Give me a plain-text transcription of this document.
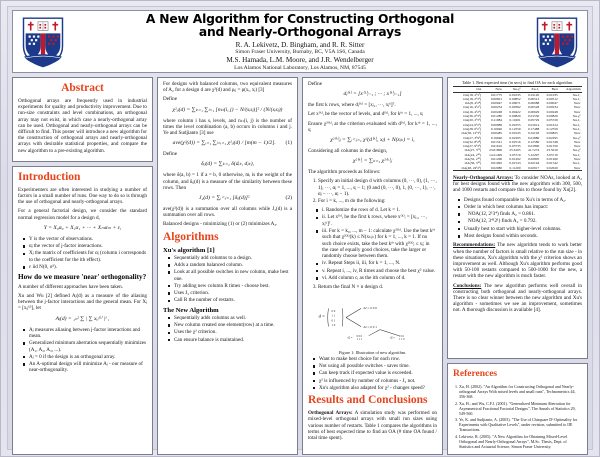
A New Algorithm for Constructing Orthogonal
and Nearly-Orthogonal Arrays
R. A. Lekivetz, D. Bingham, and R. R. Sitter
Simon Fraser University, Burnaby, BC, V5A 1S6, Canada
M.S. Hamada, L.M. Moore, and J.R. Wendelberger
Los Alamos National Laboratory, Los Alamos, NM, 87545
Abstract

Orthogonal arrays are frequently used in industrial experiments for quality and productivity improvement. Due to run-size constraints and level combinations, an orthogonal array may not exist, in which case a nearly-orthogonal array can be used. Orthogonal and nearly-orthogonal arrays can be difficult to find. This poster will introduce a new algorithm for the construction of orthogonal arrays and nearly-orthogonal arrays with desirable statistical properties, and compare the new algorithm to a pre-existing algorithm.

Introduction

Experimenters are often interested in studying a number of factors in a small number of runs. One way to do so is through the use of orthogonal and nearly-orthogonal arrays.

For a general factorial design, we consider the standard normal regression model for a design d,

Y = X₀α₀ + X₁α₁ + ··· + Xₘαₘ + ε,
Y is the vector of observations.
αⱼ the vector of j-factor interactions.
Xⱼ the matrix of coefficients for αⱼ (column i corresponds to the coefficient for the ith effect).
ε iid N(0, σ²).
How do we measure 'near' orthogonality?

A number of different approaches have been taken.

Xu and Wu [2] defined Aⱼ(d) as a measure of the aliasing between the j-factor interactions and the general mean. For Xⱼ = [xᵢⱼ⁽ʲ⁾], let

Aⱼ(d) = ₁ₙ² ∑ | ∑ xᵢⱼ⁽ʲ⁾ |² ,
Aⱼ measures aliasing between j-factor interactions and mean.
Generalized minimum aberration sequentially minimizes (A₁, A₂, A₃, ...).
Aⱼ = 0 if the design is an orthogonal array.
An A-optimal design will minimize Aⱼ - our measure of near-orthogonality.

For designs with balanced columns, two equivalent measures of A₂ for a design d are χ²(d) and ρᵢⱼ = ρ(xᵢ, xⱼ) [3]

Define

χ²ᵢⱼ(d) = ∑ₖ₌₁ ∑ₗ₌₁ [nₖₗ(i, j) − N/(sᵢsⱼ)]² / (N/(sᵢsⱼ))

where column i has sᵢ levels, and nₖₗ(i, j) is the number of times the level combination (a, b) occurs in columns i and j. Ye and Sudjianto [3] use

(1)
ave(χ²(d)) = ∑ᵢ₌₁ ∑ⱼ₌ᵢ₊₁ χ²ᵢⱼ(d) / [m(m − 1)/2].

Define

δᵢⱼ(d) = ∑ₖ₌₁ δ(dᵢₖ, dⱼₖ),

where δ(a, b) = 1 if a = b, 0 otherwise, mᵢ is the weight of the column, and δᵢⱼ(d) is a measure of the similarity between these rows. Then

(2)
J₂(d) = ∑ᵢ<ⱼ₌₁ [δᵢⱼ(d)]²

ave(χ²(d)) is a summation over all columns while J₂(d) is a summation over all rows.

Balanced designs - minimizing (1) or (2) minimizes A₂.

Algorithms
Xu's algorithm [1]
Sequentially add columns to a design.
Adds a random balanced column.
Look at all possible switches in new column, make best one.
Try adding new column R times - choose best.
Uses J₂ criterion.
Call R the number of restarts.
The New Algorithm
Sequentially adds columns as well.
New column created one element(row) at a time.
Uses the χ² criterion.
Can ensure balance is maintained.

Define

dⱼ⁽ᵏ⁾ = [x⁽¹⁾ⱼ₋₁ ; ··· ; x⁽ᵏ⁾ⱼ₋₁]

the first k rows, where dⱼ⁽ᵏ⁾ = [xⱼ₁, ···, xⱼᵏ]ᵀ.

Let x⁽ᵏ⁾ᵢ be the vector of levels, and d⁽ᵏ⁾ᵢ for kᵗʰ = 1, ..., sⱼ

Ensure χ²⁽ᵏ⁾ᵢ at the criterion evaluated with d⁽ᵏ⁾ᵢ for kᵗʰ = 1, ..., sⱼ

χ²⁽ᵏ⁾ᵢⱼ = ∑ᵢ<ⱼ₌₁ χ²(d⁽ᵏ⁾ᵢ, xⱼ) + N(xⱼₖ) = i,

Considering all columns in the design,

χ²⁽ᵏ⁾ᵢ = ∑ₖ₌₁ χ²⁽ᵏ⁾ᵢⱼ

The algorithm proceeds as follows:

1. Specify an initial design d with columns (0, ···, 0), (1, ···, 1), ···, αⱼ = 1, ..., sⱼ − 1; (0 and (0, ···, 0), 1, (0, ···, 1), ···, αⱼ − ···, αⱼ − 1).
2. For i = k, ..., m do the following:
i. Randomize the rows of d. Let k = 1.
ii. Let x⁽ᵏ⁾ᵢ be the first k rows, where x⁽ᵏ⁾ᵢ = [xⱼ₁, ···, xⱼᵏ]ᵀ.
iii. For k = k₀, ..., m − 1: calculate χ²⁽ᵏ⁾. Use the best kᵗʰ such that χ²⁽ᵏ⁾(k) ≤ N(xₖⱼₖ) for k = 1, ..., k = 1. If no such choice exists, take the best kᵗʰ with χ²⁽ᵏ⁾ⱼ ≤ sⱼ; in the case of equally good choices, take the larger or randomly choose between them.
iv. Repeat Steps ii, iii, for k = 1, ..., N.
v. Repeat i, ..., iv, R times and choose the best χ² value.
vi. Add column cᵢ as the ith column of d.
3. Return the final N × n design d.
d =
0 0
1 1
0 1
1 0
d2 = 0 0 0
d2 = 0 0 1
d2 =
0 0 0
1 1 1
d2 =
0 0 1
1 1 0
Figure 1: Illustration of new algorithm.
Want to make best choice for each row.
Not using all possible switches - saves time.
Can keep track if expected value is exceeded.
χ² is influenced by number of columns - J₂ not.
Xu's algorithm also adapted for χ² - changes speed?
Results and Conclusions

Orthogonal Arrays: A simulation study was performed on mixed-level orthogonal arrays with small run sizes using various number of restarts. Table 1 compares the algorithms in terms of best expected time to find an OA (# time OA found / total time spent).

Table 1. Best expected time (in secs) to find OA for each algorithm.
OA	New	Xu-χ²	Xu-J₂	Best	Algorithm
OA(18, 2¹3⁷)	0.01775	0.01035	0.01120	0.01035	Xu-J₂
OA(18, 2¹3⁶)	0.00821	0.00852	0.00512	0.00512	Xu-J₂
OA(8, 4¹2⁴)	0.00047	0.00071	0.00088	0.00047	New
OA(16, 4¹2⁷)	0.00234	0.00392	0.00528	0.00234	New
OA(16, 4¹2⁶)	0.00248	0.00422	0.00629	0.00248	New
OA(36, 6¹3⁶)	0.01280	0.00820	0.01530	0.00820	Xu-χ²
OA(20, 2¹5¹)	0.11984	0.11601	0.05729	0.05729	Xu-J₂
OA(24, 6¹2⁶)	0.00989	0.01055	0.01614	0.01614	Xu-J₂
OA(28, 6¹2⁷)	0.10040	0.12559	0.17488	0.12559	Xu-J₂
OA(36, 12¹3¹)	0.00485	0.01045	0.01192	0.00825	New
OA(27, 3¹9¹)	0.19040	0.02295	0.01880	0.02295	Xu-χ²
OA(32, 8¹2⁸)	0.01541	0.02516	0.12580	0.01548	New
OA(27, 9¹3⁹)	0.61610	0.03735	0.01890	0.01550	New
OA(27, 3⁹⁹)	23.01896	25.6195	41.7274	23.5019	Xu-χ²
OA(24, 2¹⁰)	14.21499	3.05719	5.12297	3.05719	Xu-J₂
OA(32, 2¹⁰)	0.01260	0.01292	0.02805	0.01260	New
OA(36, 3¹⁰)	0.01092	0.01543	0.02194	0.01542	Xu-J₂
OA(48, 24¹2¹)	0.02080	0.11200	0.02917	0.02020	New

Nearly-Orthogonal Arrays: To consider NOAs, looked at A₂ for best designs found with the new algorithm with 300, 500, and 1000 restarts and compare this to those found by Xu[2].

Designs found comparable to Xu's in terms of A₂.
Order in which best columns has impact:
NOA(12, 2¹3⁴) finds A₂ = 0.861.
NOA(12, 3⁴¹2¹) finds A₂ = 0.792.
Usually best to start with higher-level columns.
Most designs found within seconds.

Recommendations: The new algorithm tends to work better when the number of factors is small relative to the run size - in these situations, Xu's algorithm with the χ² criterion shows an improvement as well. Although Xu's algorithm performs good with 50-100 restarts compared to 500-1000 for the new, a restart with the new algorithm is much faster.

Conclusions: The new algorithm performs well overall in constructing both orthogonal and nearly-orthogonal arrays. There is no clear winner between the new algorithm and Xu's algorithm - sometimes we see an improvement, sometimes not. A thorough discussion is available [4].

References
1. Xu, H. (2002). "An Algorithm for Constructing Orthogonal and Nearly-orthogonal Arrays With mixed levels and small runs", Technometrics 44, 356-368.
2. Xu, H., and Wu, C.F.J. (2001). "Generalized Minimum Aberration for Asymmetrical Fractional Factorial Designs", The Annals of Statistics 29, 549-560.
3. Ye, K. and Sudjianto, A. (2003). "The Use of Chisquare Dᵒ Optimality for Experiments with Qualitative Levels", under revision, submitted to IIE Transactions.
4. Lekivetz, R. (2005). "A New Algorithm for Obtaining Mixed-Level Orthogonal and Nearly-Orthogonal Arrays", M.Sc. Thesis, Dept. of Statistics and Actuarial Science, Simon Fraser University.
